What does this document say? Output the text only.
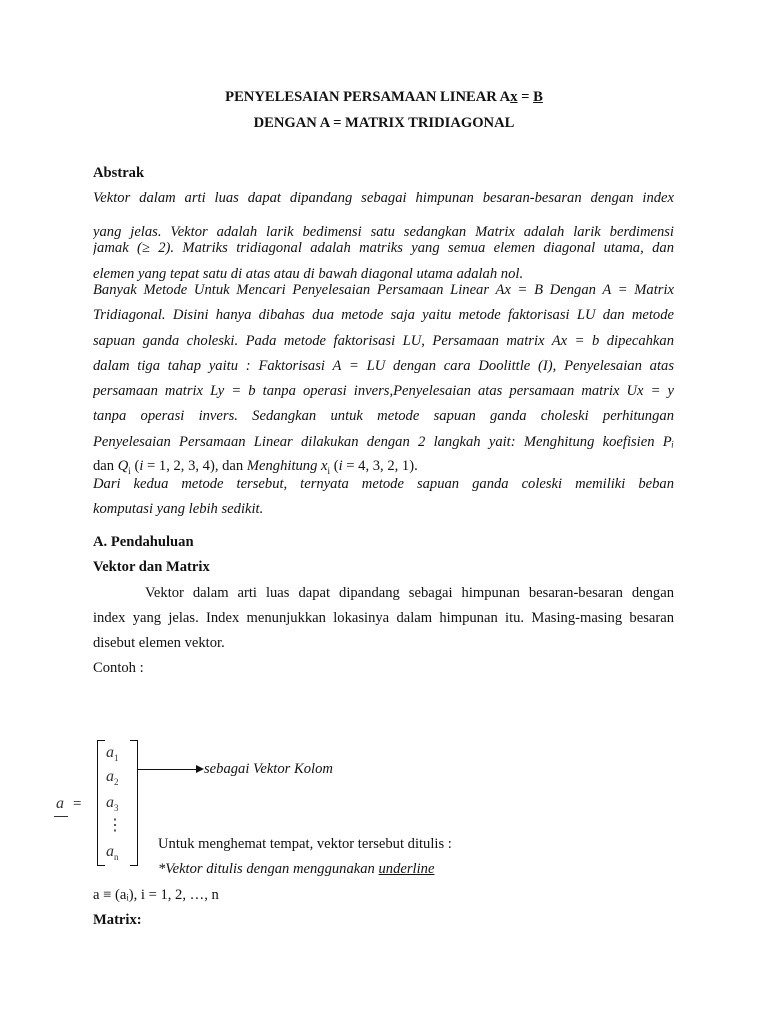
PENYELESAIAN PERSAMAAN LINEAR Ax = B
DENGAN A = MATRIX TRIDIAGONAL
Abstrak
Vektor dalam arti luas dapat dipandang sebagai himpunan besaran-besaran dengan index
yang jelas. Vektor adalah larik bedimensi satu sedangkan Matrix adalah larik berdimensi
jamak (≥ 2). Matriks tridiagonal adalah matriks yang semua elemen diagonal utama, dan
elemen yang tepat satu di atas atau di bawah diagonal utama adalah nol.
Banyak Metode Untuk Mencari Penyelesaian Persamaan Linear Ax = B Dengan A = Matrix
Tridiagonal. Disini hanya dibahas dua metode saja yaitu metode faktorisasi LU dan metode
sapuan ganda choleski. Pada metode faktorisasi LU, Persamaan matrix Ax = b dipecahkan
dalam tiga tahap yaitu : Faktorisasi A = LU dengan cara Doolittle (I), Penyelesaian atas
persamaan matrix Ly = b tanpa operasi invers,Penyelesaian atas persamaan matrix Ux = y
tanpa operasi invers. Sedangkan untuk metode sapuan ganda choleski perhitungan
Penyelesaian Persamaan Linear dilakukan dengan 2 langkah yait: Menghitung koefisien Pᵢ
dan $Q_i$ (i = 1, 2, 3, 4), dan Menghitung $x_i$ (i = 4, 3, 2, 1).
Dari kedua metode tersebut, ternyata metode sapuan ganda coleski memiliki beban
komputasi yang lebih sedikit.
A. Pendahuluan
Vektor dan Matrix
Vektor dalam arti luas dapat dipandang sebagai himpunan besaran-besaran dengan
index yang jelas. Index menunjukkan lokasinya dalam himpunan itu. Masing-masing besaran
disebut elemen vektor.
Contoh :
a =
$a_1$
$a_2$
$a_3$
⋮
$a_n$
sebagai Vektor Kolom
Untuk menghemat tempat, vektor tersebut ditulis :
*Vektor ditulis dengan menggunakan underline
a ≡ (aᵢ), i = 1, 2, …, n
Matrix:
